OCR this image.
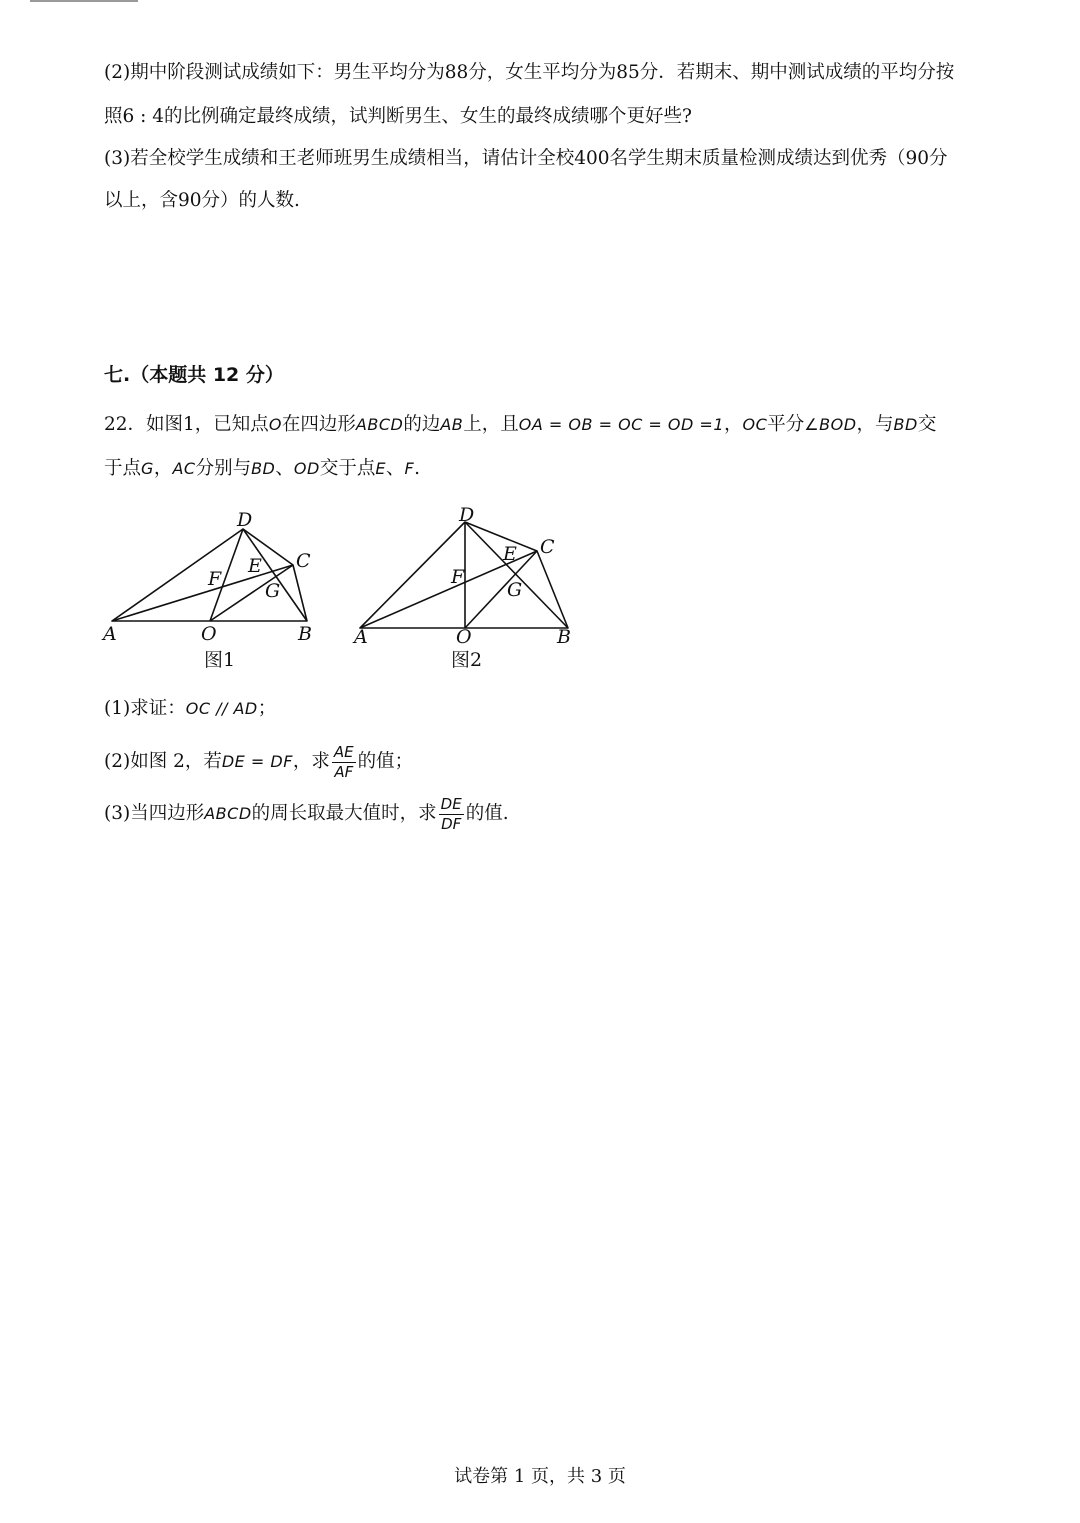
(2)期中阶段测试成绩如下：男生平均分为88分，女生平均分为85分．若期末、期中测试成绩的平均分按
照6 : 4的比例确定最终成绩，试判断男生、女生的最终成绩哪个更好些?
(3)若全校学生成绩和王老师班男生成绩相当，请估计全校400名学生期末质量检测成绩达到优秀（90分
以上，含90分）的人数.
七.（本题共 12 分）
22．如图1，已知点O在四边形ABCD的边AB上，且OA = OB = OC = OD =1，OC平分∠BOD，与BD交
于点G，AC分别与BD、OD交于点E、F.
A	O	B
C
D
E
F
G
A	O	B
C
D
E
F
G
图1	图2
(1)求证：OC // AD；
(2)如图 2，若DE = DF，求 $\frac{AE}{AF}$ 的值；
(3)当四边形ABCD的周长取最大值时，求 $\frac{DE}{DF}$ 的值.
试卷第 1 页，共 3 页
